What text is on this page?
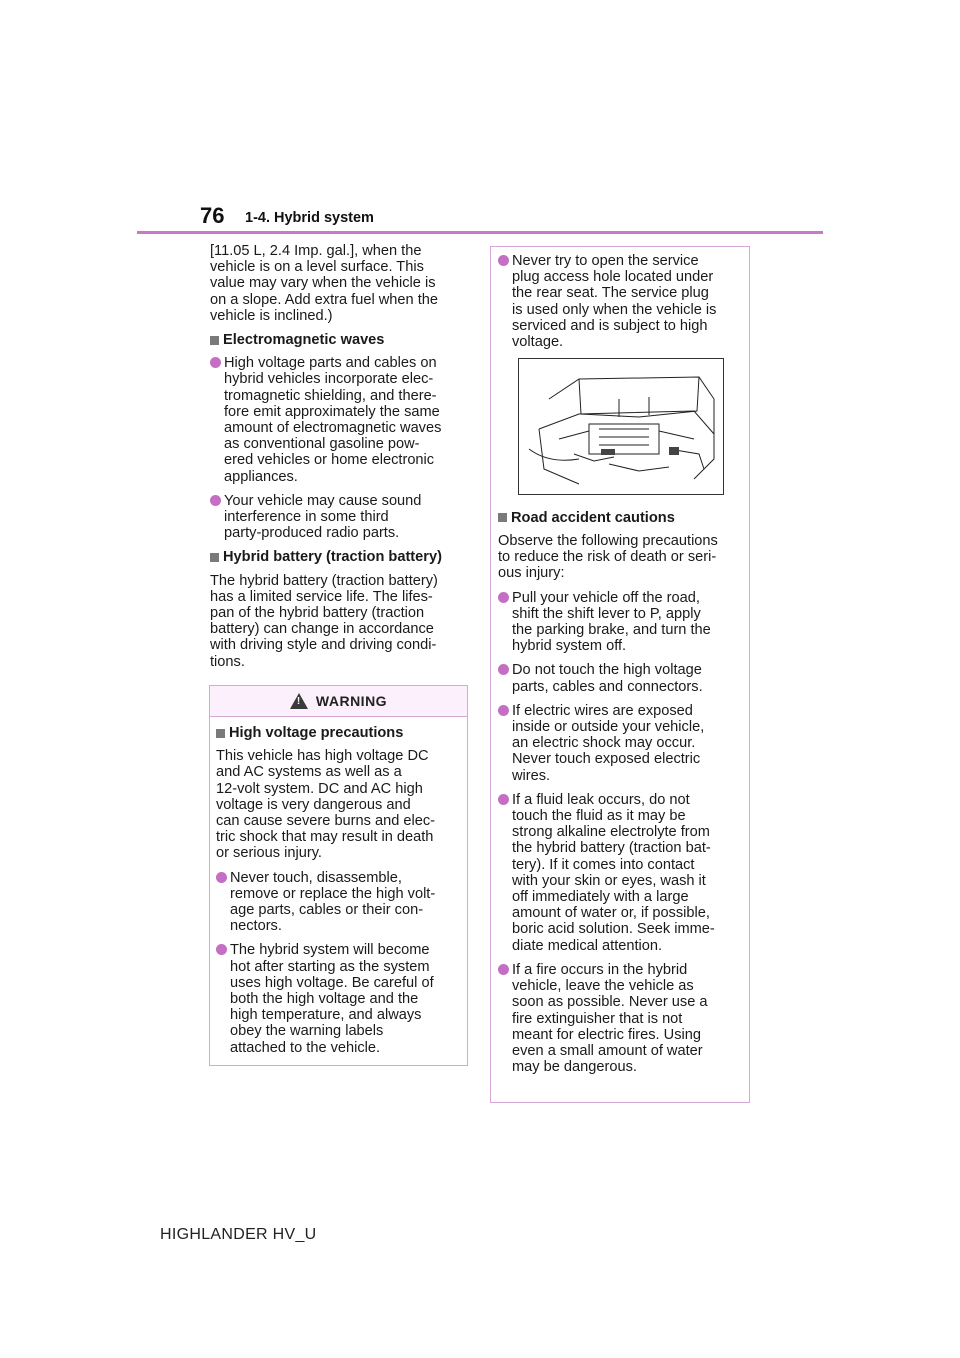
76 1-4. Hybrid system

[11.05 L, 2.4 Imp. gal.], when the
vehicle is on a level surface. This
value may vary when the vehicle is
on a slope. Add extra fuel when the
vehicle is inclined.)

Electromagnetic waves

High voltage parts and cables on
hybrid vehicles incorporate elec-
tromagnetic shielding, and there-
fore emit approximately the same
amount of electromagnetic waves
as conventional gasoline pow-
ered vehicles or home electronic
appliances.
Your vehicle may cause sound
interference in some third
party-produced radio parts.

Hybrid battery (traction battery)

The hybrid battery (traction battery)
has a limited service life. The lifes-
pan of the hybrid battery (traction
battery) can change in accordance
with driving style and driving condi-
tions.

! WARNING

High voltage precautions

This vehicle has high voltage DC
and AC systems as well as a
12-volt system. DC and AC high
voltage is very dangerous and
can cause severe burns and elec-
tric shock that may result in death
or serious injury.

Never touch, disassemble,
remove or replace the high volt-
age parts, cables or their con-
nectors.
The hybrid system will become
hot after starting as the system
uses high voltage. Be careful of
both the high voltage and the
high temperature, and always
obey the warning labels
attached to the vehicle.
Never try to open the service
plug access hole located under
the rear seat. The service plug
is used only when the vehicle is
serviced and is subject to high
voltage.

Road accident cautions

Observe the following precautions
to reduce the risk of death or seri-
ous injury:

Pull your vehicle off the road,
shift the shift lever to P, apply
the parking brake, and turn the
hybrid system off.
Do not touch the high voltage
parts, cables and connectors.
If electric wires are exposed
inside or outside your vehicle,
an electric shock may occur.
Never touch exposed electric
wires.
If a fluid leak occurs, do not
touch the fluid as it may be
strong alkaline electrolyte from
the hybrid battery (traction bat-
tery). If it comes into contact
with your skin or eyes, wash it
off immediately with a large
amount of water or, if possible,
boric acid solution. Seek imme-
diate medical attention.
If a fire occurs in the hybrid
vehicle, leave the vehicle as
soon as possible. Never use a
fire extinguisher that is not
meant for electric fires. Using
even a small amount of water
may be dangerous.
HIGHLANDER HV_U
